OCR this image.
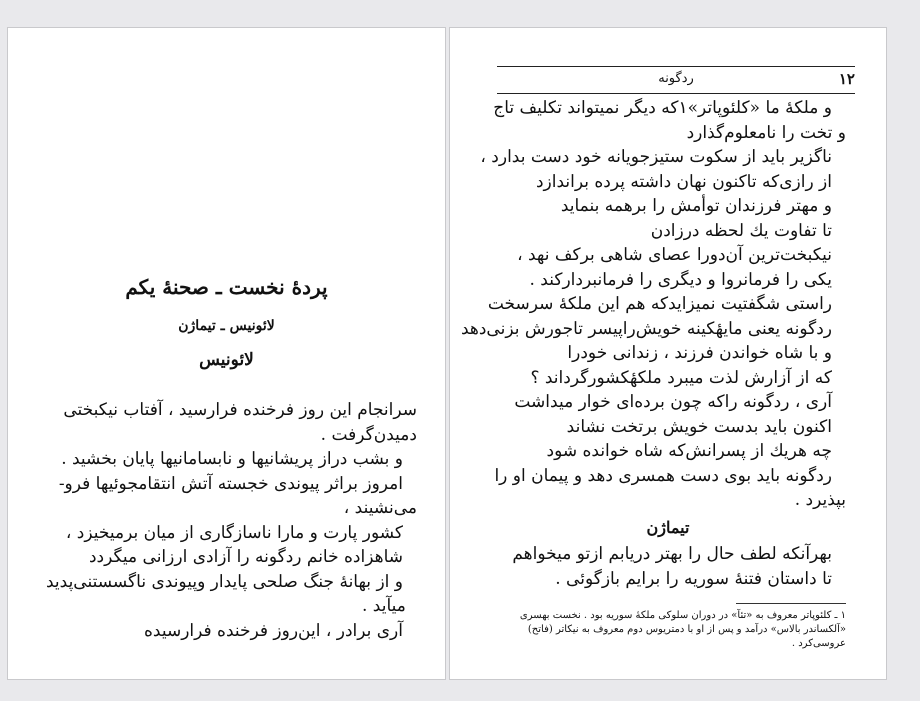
پردهٔ نخست ـ صحنهٔ یکم
لائونیس ـ تیماژن
لائونیس
سرانجام این روز فرخنده فرارسید ، آفتاب نیکبختی
دمیدن‌گرفت .
و بشب دراز پریشانیها و نابسامانیها پایان بخشید .
امروز براثر پیوندی خجسته آتش انتقامجوئیها فرو-
می‌نشیند ،
کشور پارت و مارا ناسازگاری از میان برمیخیزد ،
شاهزاده خانم ردگونه را آزادی ارزانی میگردد
و از بهانهٔ جنگ صلحی پایدار وپیوندی ناگسستنی‌پدید
میآید .
آری برادر ، این‌روز فرخنده فرارسیده
۱۲
ردگونه
و ملکهٔ ما «کلئوپاتر»۱که دیگر نمیتواند تکلیف تاج
و تخت را نامعلوم‌گذارد
ناگزیر باید از سکوت ستیزجویانه خود دست بدارد ،
از رازی‌که تاکنون نهان داشته پرده براندازد
و مهتر فرزندان توأمش را برهمه بنماید
تا تفاوت یك لحظه درزادن
نیکبخت‌ترین آن‌دورا عصای شاهی برکف نهد ،
یکی را فرمانروا و دیگری را فرمانبردارکند .
راستی شگفتیت نمیزایدکه هم این ملکهٔ سرسخت
ردگونه یعنی مایهٔکینه خویش‌راپیسر تاجورش بزنی‌دهد
و با شاه خواندن فرزند ، زندانی خودرا
که از آزارش لذت میبرد ملکهٔکشورگرداند ؟
آری ، ردگونه راکه چون برده‌ای خوار میداشت
اکنون باید بدست خویش برتخت نشاند
چه هریك از پسرانش‌که شاه خوانده شود
ردگونه باید بوی دست همسری دهد و پیمان او را
بپذیرد .
تیماژن
بهرآنکه لطف حال را بهتر دریابم ازتو میخواهم
تا داستان فتنهٔ سوریه را برایم بازگوئی .
۱ ـ کلئوپاتر معروف به «تئآ» در دوران سلوکی ملکهٔ سوریه بود . نخست بهسری
«آلکساندر بالاس» درآمد و پس از او با دمتریوس دوم معروف به نیکاتر (فاتح)
عروسی‌کرد .
